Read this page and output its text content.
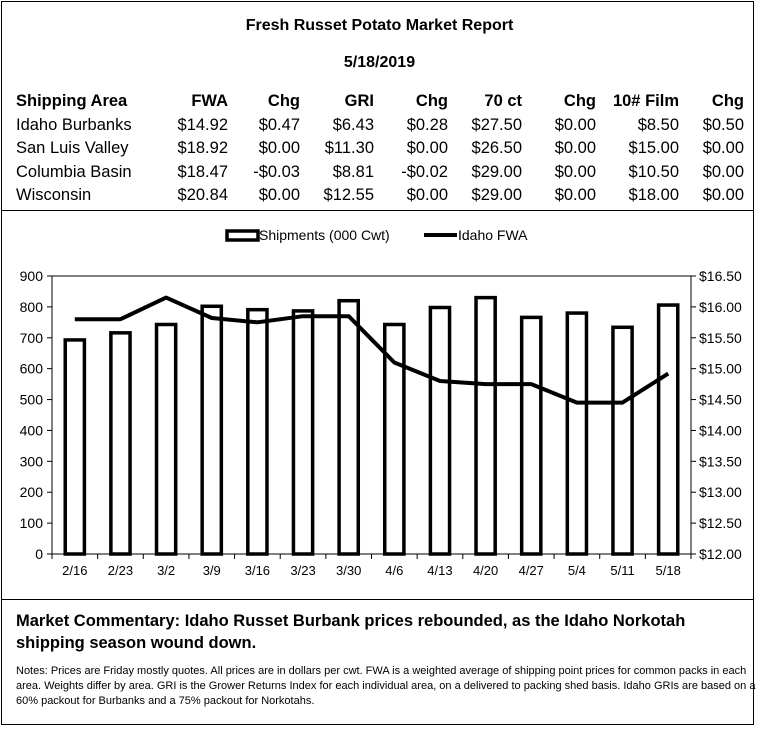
Fresh Russet Potato Market Report
5/18/2019
Shipping Area	FWA	Chg	GRI	Chg	70 ct	Chg	10# Film	Chg
Idaho Burbanks	$14.92	$0.47	$6.43	$0.28	$27.50	$0.00	$8.50	$0.50
San Luis Valley	$18.92	$0.00	$11.30	$0.00	$26.50	$0.00	$15.00	$0.00
Columbia Basin	$18.47	-$0.03	$8.81	-$0.02	$29.00	$0.00	$10.50	$0.00
Wisconsin	$20.84	$0.00	$12.55	$0.00	$29.00	$0.00	$18.00	$0.00
0
100
200
300
400
500
600
700
800
900
$12.00
$12.50
$13.00
$13.50
$14.00
$14.50
$15.00
$15.50
$16.00
$16.50
2/16 2/23 3/2 3/9 3/16 3/23 3/30 4/6 4/13 4/20 4/27 5/4 5/11 5/18
Shipments (000 Cwt)	Idaho FWA
Market Commentary: Idaho Russet Burbank prices rebounded, as the Idaho Norkotah shipping season wound down.
Notes: Prices are Friday mostly quotes. All prices are in dollars per cwt. FWA is a weighted average of shipping point prices for common packs in each area. Weights differ by area. GRI is the Grower Returns Index for each individual area, on a delivered to packing shed basis. Idaho GRIs are based on a 60% packout for Burbanks and a 75% packout for Norkotahs.
